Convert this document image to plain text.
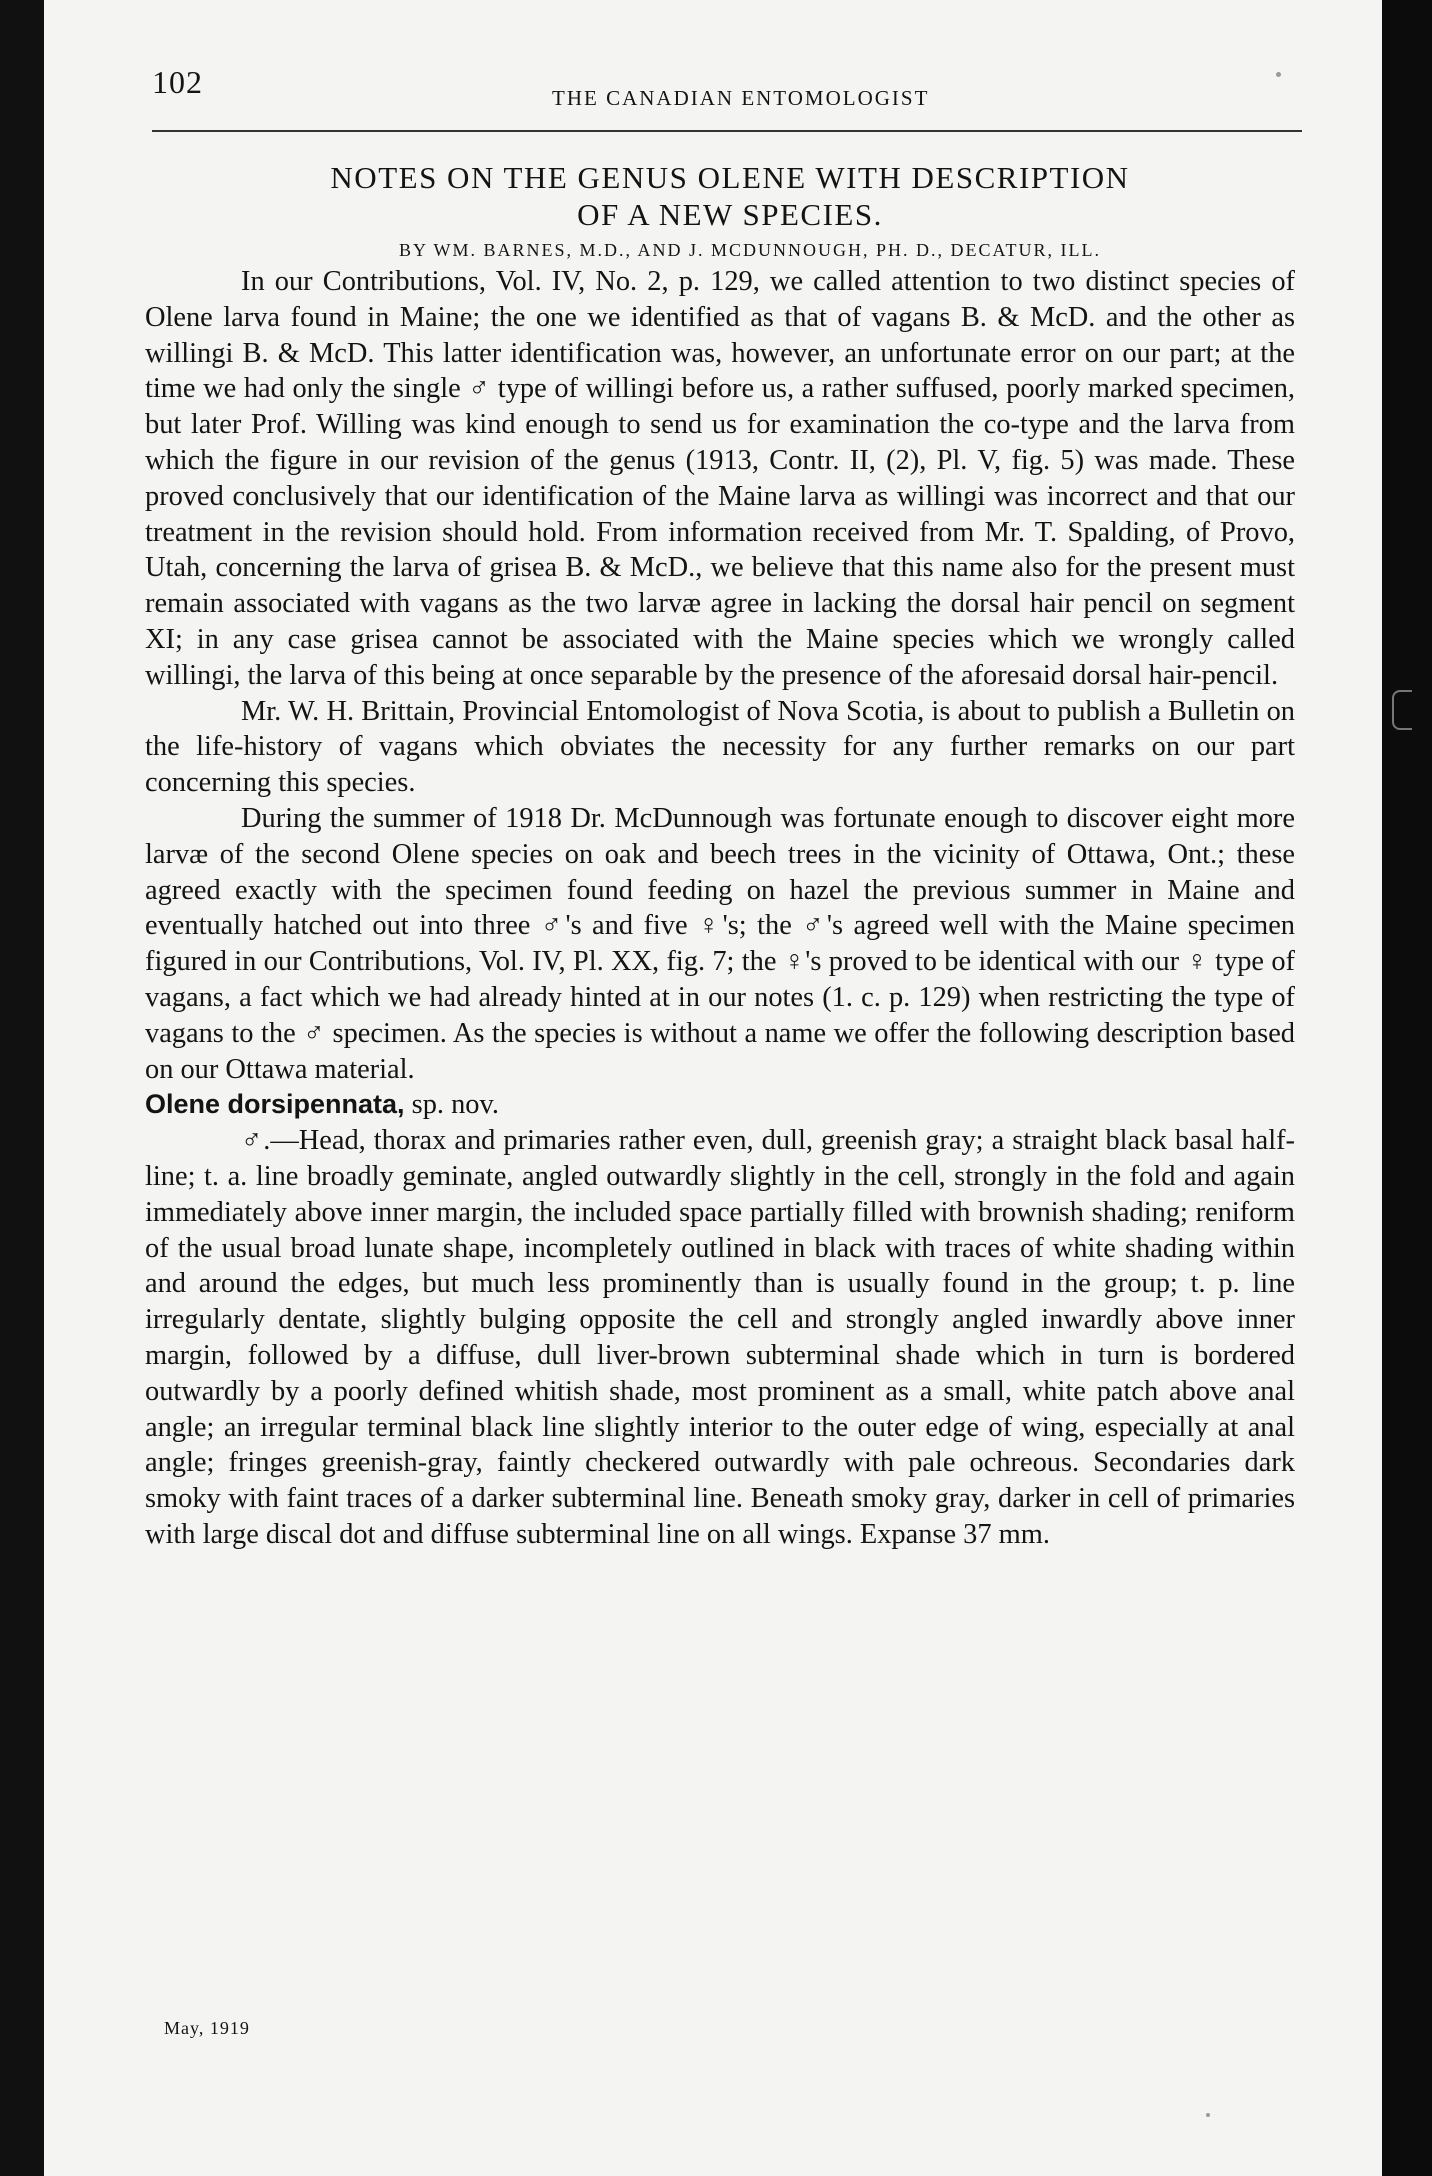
102	THE CANADIAN ENTOMOLOGIST
NOTES ON THE GENUS OLENE WITH DESCRIPTION
OF A NEW SPECIES.
BY WM. BARNES, M.D., AND J. MCDUNNOUGH, PH. D., DECATUR, ILL.

In our Contributions, Vol. IV, No. 2, p. 129, we called attention to two distinct species of Olene larva found in Maine; the one we identified as that of vagans B. & McD. and the other as willingi B. & McD. This latter identification was, however, an unfortunate error on our part; at the time we had only the single ♂ type of willingi before us, a rather suffused, poorly marked specimen, but later Prof. Willing was kind enough to send us for examination the co-type and the larva from which the figure in our revision of the genus (1913, Contr. II, (2), Pl. V, fig. 5) was made. These proved conclusively that our identification of the Maine larva as willingi was incorrect and that our treatment in the revision should hold. From information received from Mr. T. Spalding, of Provo, Utah, concerning the larva of grisea B. & McD., we believe that this name also for the present must remain associated with vagans as the two larvæ agree in lacking the dorsal hair pencil on segment XI; in any case grisea cannot be associated with the Maine species which we wrongly called willingi, the larva of this being at once separable by the presence of the aforesaid dorsal hair-pencil.

Mr. W. H. Brittain, Provincial Entomologist of Nova Scotia, is about to publish a Bulletin on the life-history of vagans which obviates the necessity for any further remarks on our part concerning this species.

During the summer of 1918 Dr. McDunnough was fortunate enough to discover eight more larvæ of the second Olene species on oak and beech trees in the vicinity of Ottawa, Ont.; these agreed exactly with the specimen found feeding on hazel the previous summer in Maine and eventually hatched out into three ♂'s and five ♀'s; the ♂'s agreed well with the Maine specimen figured in our Contributions, Vol. IV, Pl. XX, fig. 7; the ♀'s proved to be identical with our ♀ type of vagans, a fact which we had already hinted at in our notes (1. c. p. 129) when restricting the type of vagans to the ♂ specimen. As the species is without a name we offer the following description based on our Ottawa material.

Olene dorsipennata, sp. nov.

♂.—Head, thorax and primaries rather even, dull, greenish gray; a straight black basal half-line; t. a. line broadly geminate, angled outwardly slightly in the cell, strongly in the fold and again immediately above inner margin, the included space partially filled with brownish shading; reniform of the usual broad lunate shape, incompletely outlined in black with traces of white shading within and around the edges, but much less prominently than is usually found in the group; t. p. line irregularly dentate, slightly bulging opposite the cell and strongly angled inwardly above inner margin, followed by a diffuse, dull liver-brown subterminal shade which in turn is bordered outwardly by a poorly defined whitish shade, most prominent as a small, white patch above anal angle; an irregular terminal black line slightly interior to the outer edge of wing, especially at anal angle; fringes greenish-gray, faintly checkered outwardly with pale ochreous. Secondaries dark smoky with faint traces of a darker subterminal line. Beneath smoky gray, darker in cell of primaries with large discal dot and diffuse subterminal line on all wings. Expanse 37 mm.

May, 1919
